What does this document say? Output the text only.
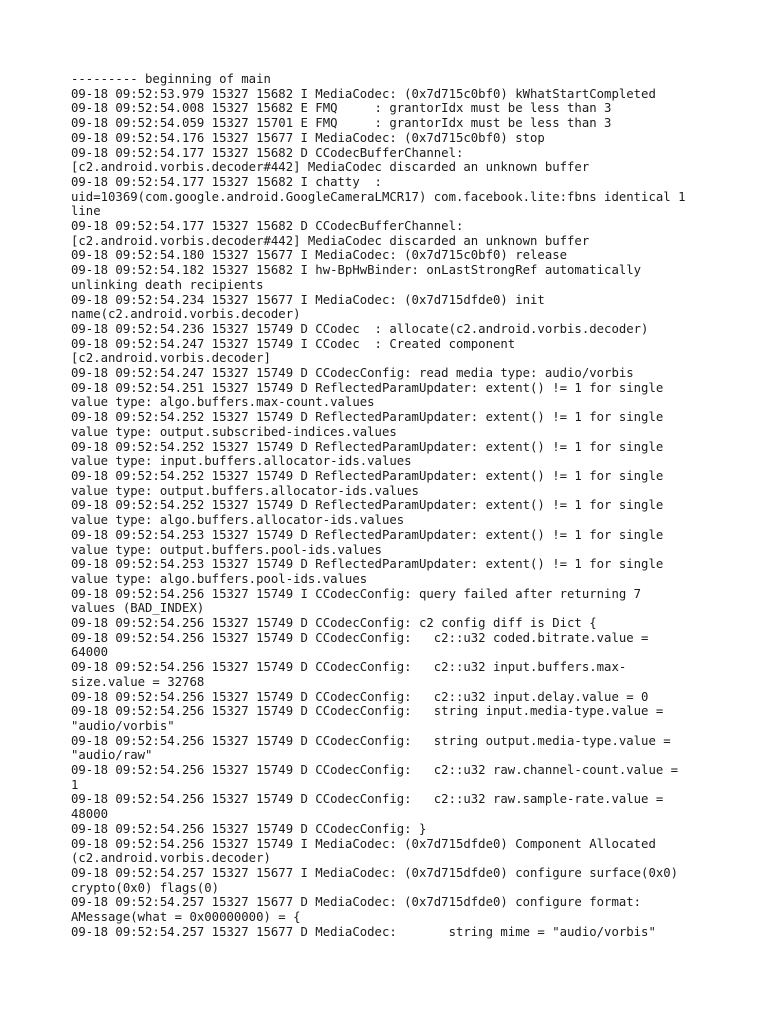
--------- beginning of main
09-18 09:52:53.979 15327 15682 I MediaCodec: (0x7d715c0bf0) kWhatStartCompleted
09-18 09:52:54.008 15327 15682 E FMQ     : grantorIdx must be less than 3
09-18 09:52:54.059 15327 15701 E FMQ     : grantorIdx must be less than 3
09-18 09:52:54.176 15327 15677 I MediaCodec: (0x7d715c0bf0) stop
09-18 09:52:54.177 15327 15682 D CCodecBufferChannel:
[c2.android.vorbis.decoder#442] MediaCodec discarded an unknown buffer
09-18 09:52:54.177 15327 15682 I chatty  :
uid=10369(com.google.android.GoogleCameraLMCR17) com.facebook.lite:fbns identical 1
line
09-18 09:52:54.177 15327 15682 D CCodecBufferChannel:
[c2.android.vorbis.decoder#442] MediaCodec discarded an unknown buffer
09-18 09:52:54.180 15327 15677 I MediaCodec: (0x7d715c0bf0) release
09-18 09:52:54.182 15327 15682 I hw-BpHwBinder: onLastStrongRef automatically
unlinking death recipients
09-18 09:52:54.234 15327 15677 I MediaCodec: (0x7d715dfde0) init
name(c2.android.vorbis.decoder)
09-18 09:52:54.236 15327 15749 D CCodec  : allocate(c2.android.vorbis.decoder)
09-18 09:52:54.247 15327 15749 I CCodec  : Created component
[c2.android.vorbis.decoder]
09-18 09:52:54.247 15327 15749 D CCodecConfig: read media type: audio/vorbis
09-18 09:52:54.251 15327 15749 D ReflectedParamUpdater: extent() != 1 for single
value type: algo.buffers.max-count.values
09-18 09:52:54.252 15327 15749 D ReflectedParamUpdater: extent() != 1 for single
value type: output.subscribed-indices.values
09-18 09:52:54.252 15327 15749 D ReflectedParamUpdater: extent() != 1 for single
value type: input.buffers.allocator-ids.values
09-18 09:52:54.252 15327 15749 D ReflectedParamUpdater: extent() != 1 for single
value type: output.buffers.allocator-ids.values
09-18 09:52:54.252 15327 15749 D ReflectedParamUpdater: extent() != 1 for single
value type: algo.buffers.allocator-ids.values
09-18 09:52:54.253 15327 15749 D ReflectedParamUpdater: extent() != 1 for single
value type: output.buffers.pool-ids.values
09-18 09:52:54.253 15327 15749 D ReflectedParamUpdater: extent() != 1 for single
value type: algo.buffers.pool-ids.values
09-18 09:52:54.256 15327 15749 I CCodecConfig: query failed after returning 7
values (BAD_INDEX)
09-18 09:52:54.256 15327 15749 D CCodecConfig: c2 config diff is Dict {
09-18 09:52:54.256 15327 15749 D CCodecConfig:   c2::u32 coded.bitrate.value =
64000
09-18 09:52:54.256 15327 15749 D CCodecConfig:   c2::u32 input.buffers.max-
size.value = 32768
09-18 09:52:54.256 15327 15749 D CCodecConfig:   c2::u32 input.delay.value = 0
09-18 09:52:54.256 15327 15749 D CCodecConfig:   string input.media-type.value =
"audio/vorbis"
09-18 09:52:54.256 15327 15749 D CCodecConfig:   string output.media-type.value =
"audio/raw"
09-18 09:52:54.256 15327 15749 D CCodecConfig:   c2::u32 raw.channel-count.value =
1
09-18 09:52:54.256 15327 15749 D CCodecConfig:   c2::u32 raw.sample-rate.value =
48000
09-18 09:52:54.256 15327 15749 D CCodecConfig: }
09-18 09:52:54.256 15327 15749 I MediaCodec: (0x7d715dfde0) Component Allocated
(c2.android.vorbis.decoder)
09-18 09:52:54.257 15327 15677 I MediaCodec: (0x7d715dfde0) configure surface(0x0)
crypto(0x0) flags(0)
09-18 09:52:54.257 15327 15677 D MediaCodec: (0x7d715dfde0) configure format:
AMessage(what = 0x00000000) = {
09-18 09:52:54.257 15327 15677 D MediaCodec:       string mime = "audio/vorbis"
